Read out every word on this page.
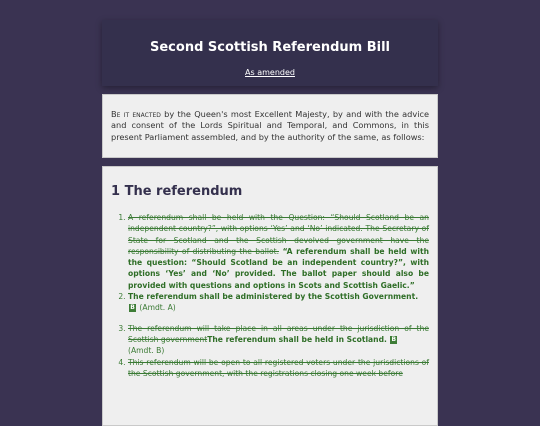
Second Scottish Referendum Bill
As amended
Be it enacted by the Queen's most Excellent Majesty, by and with the advice and consent of the Lords Spiritual and Temporal, and Commons, in this present Parliament assembled, and by the authority of the same, as follows:
1 The referendum
1. A referendum shall be held with the Question: “Should Scotland be an independent country?”, with options ‘Yes’ and ‘No’ indicated. The Secretary of State for Scotland and the Scottish devolved government have the responsibility of distributing the ballot. “A referendum shall be held with the question: “Should Scotland be an independent country?”, with options ‘Yes’ and ‘No’ provided. The ballot paper should also be provided with questions and options in Scots and Scottish Gaelic.”
2. The referendum shall be administered by the Scottish Government.
B (Amdt. A)
3. The referendum will take place in all areas under the jurisdiction of the Scottish governmentThe referendum shall be held in Scotland. B
(Amdt. B)
4. This referendum will be open to all registered voters under the jurisdictions of the Scottish government, with the registrations closing one week before
